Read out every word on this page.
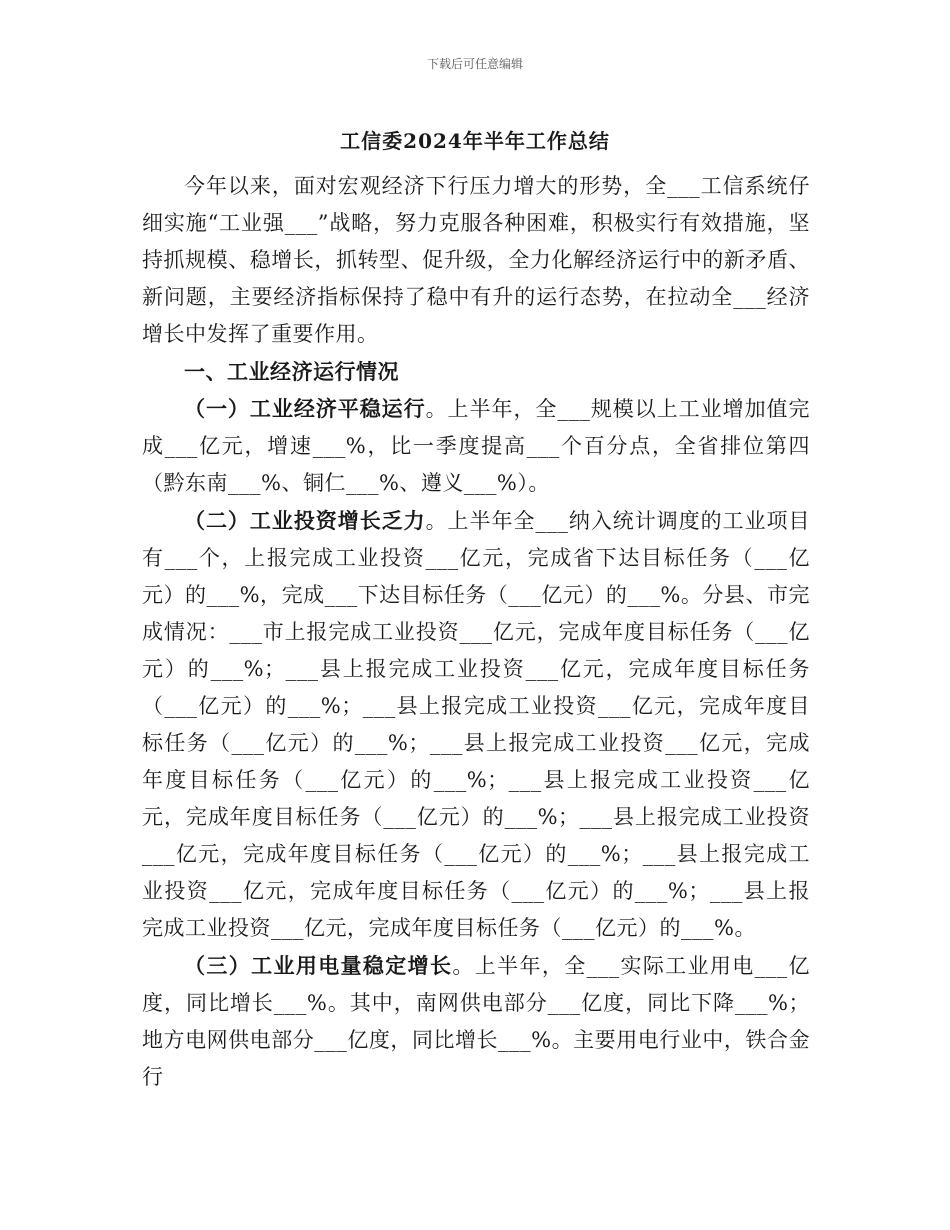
下载后可任意编辑
工信委2024年半年工作总结

今年以来，面对宏观经济下行压力增大的形势，全___工信系统仔细实施“工业强___”战略，努力克服各种困难，积极实行有效措施，坚持抓规模、稳增长，抓转型、促升级，全力化解经济运行中的新矛盾、新问题，主要经济指标保持了稳中有升的运行态势，在拉动全___经济增长中发挥了重要作用。

一、工业经济运行情况

（一）工业经济平稳运行。上半年，全___规模以上工业增加值完成___亿元，增速___%，比一季度提高___个百分点，全省排位第四（黔东南___%、铜仁___%、遵义___%）。

（二）工业投资增长乏力。上半年全___纳入统计调度的工业项目有___个，上报完成工业投资___亿元，完成省下达目标任务（___亿元）的___%，完成___下达目标任务（___亿元）的___%。分县、市完成情况：___市上报完成工业投资___亿元，完成年度目标任务（___亿元）的___%；___县上报完成工业投资___亿元，完成年度目标任务（___亿元）的___%；___县上报完成工业投资___亿元，完成年度目标任务（___亿元）的___%；___县上报完成工业投资___亿元，完成年度目标任务（___亿元）的___%；___县上报完成工业投资___亿元，完成年度目标任务（___亿元）的___%；___县上报完成工业投资___亿元，完成年度目标任务（___亿元）的___%；___县上报完成工业投资___亿元，完成年度目标任务（___亿元）的___%；___县上报完成工业投资___亿元，完成年度目标任务（___亿元）的___%。

（三）工业用电量稳定增长。上半年，全___实际工业用电___亿度，同比增长___%。其中，南网供电部分___亿度，同比下降___%；地方电网供电部分___亿度，同比增长___%。主要用电行业中，铁合金行
